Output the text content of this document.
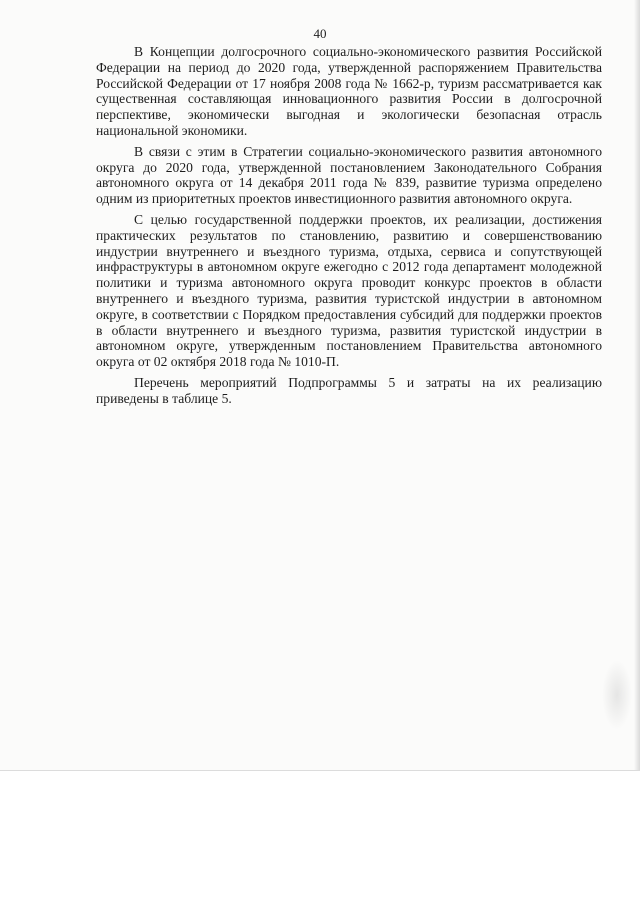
40

В Концепции долгосрочного социально-экономического развития Российской Федерации на период до 2020 года, утвержденной распоряжением Правительства Российской Федерации от 17 ноября 2008 года № 1662-р, туризм рассматривается как существенная составляющая инновационного развития России в долгосрочной перспективе, экономически выгодная и экологически безопасная отрасль национальной экономики.

В связи с этим в Стратегии социально-экономического развития автономного округа до 2020 года, утвержденной постановлением Законодательного Собрания автономного округа от 14 декабря 2011 года № 839, развитие туризма определено одним из приоритетных проектов инвестиционного развития автономного округа.

С целью государственной поддержки проектов, их реализации, достижения практических результатов по становлению, развитию и совершенствованию индустрии внутреннего и въездного туризма, отдыха, сервиса и сопутствующей инфраструктуры в автономном округе ежегодно с 2012 года департамент молодежной политики и туризма автономного округа проводит конкурс проектов в области внутреннего и въездного туризма, развития туристской индустрии в автономном округе, в соответствии с Порядком предоставления субсидий для поддержки проектов в области внутреннего и въездного туризма, развития туристской индустрии в автономном округе, утвержденным постановлением Правительства автономного округа от 02 октября 2018 года № 1010-П.

Перечень мероприятий Подпрограммы 5 и затраты на их реализацию приведены в таблице 5.
